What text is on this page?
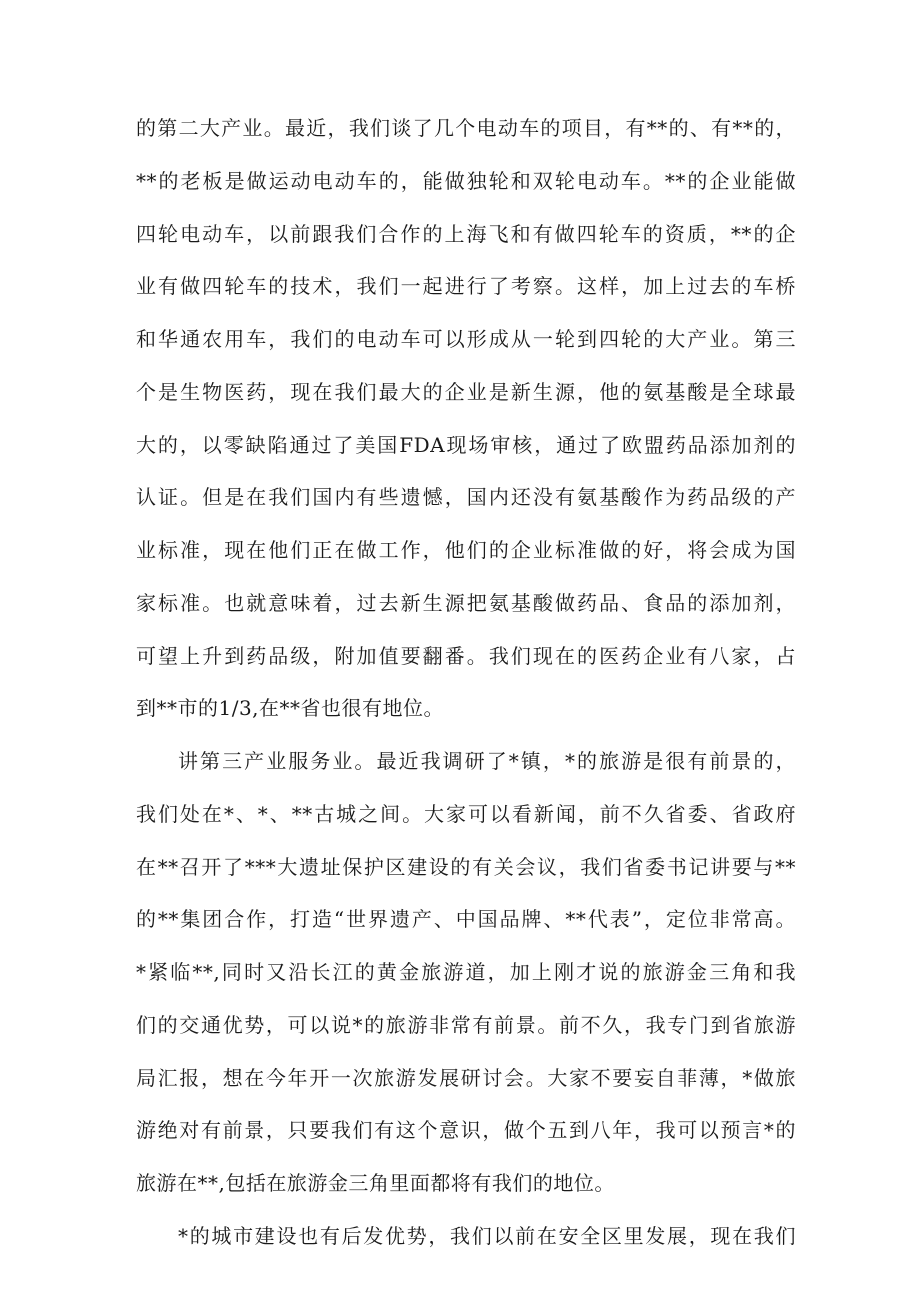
的第二大产业。最近，我们谈了几个电动车的项目，有**的、有**的，
**的老板是做运动电动车的，能做独轮和双轮电动车。**的企业能做
四轮电动车，以前跟我们合作的上海飞和有做四轮车的资质，**的企
业有做四轮车的技术，我们一起进行了考察。这样，加上过去的车桥
和华通农用车，我们的电动车可以形成从一轮到四轮的大产业。第三
个是生物医药，现在我们最大的企业是新生源，他的氨基酸是全球最
大的，以零缺陷通过了美国FDA现场审核，通过了欧盟药品添加剂的
认证。但是在我们国内有些遗憾，国内还没有氨基酸作为药品级的产
业标准，现在他们正在做工作，他们的企业标准做的好，将会成为国
家标准。也就意味着，过去新生源把氨基酸做药品、食品的添加剂，
可望上升到药品级，附加值要翻番。我们现在的医药企业有八家，占
到**市的1/3,在**省也很有地位。
讲第三产业服务业。最近我调研了*镇，*的旅游是很有前景的，
我们处在*、*、**古城之间。大家可以看新闻，前不久省委、省政府
在**召开了***大遗址保护区建设的有关会议，我们省委书记讲要与**
的**集团合作，打造“世界遗产、中国品牌、**代表”，定位非常高。
*紧临**,同时又沿长江的黄金旅游道，加上刚才说的旅游金三角和我
们的交通优势，可以说*的旅游非常有前景。前不久，我专门到省旅游
局汇报，想在今年开一次旅游发展研讨会。大家不要妄自菲薄，*做旅
游绝对有前景，只要我们有这个意识，做个五到八年，我可以预言*的
旅游在**,包括在旅游金三角里面都将有我们的地位。
*的城市建设也有后发优势，我们以前在安全区里发展，现在我们
